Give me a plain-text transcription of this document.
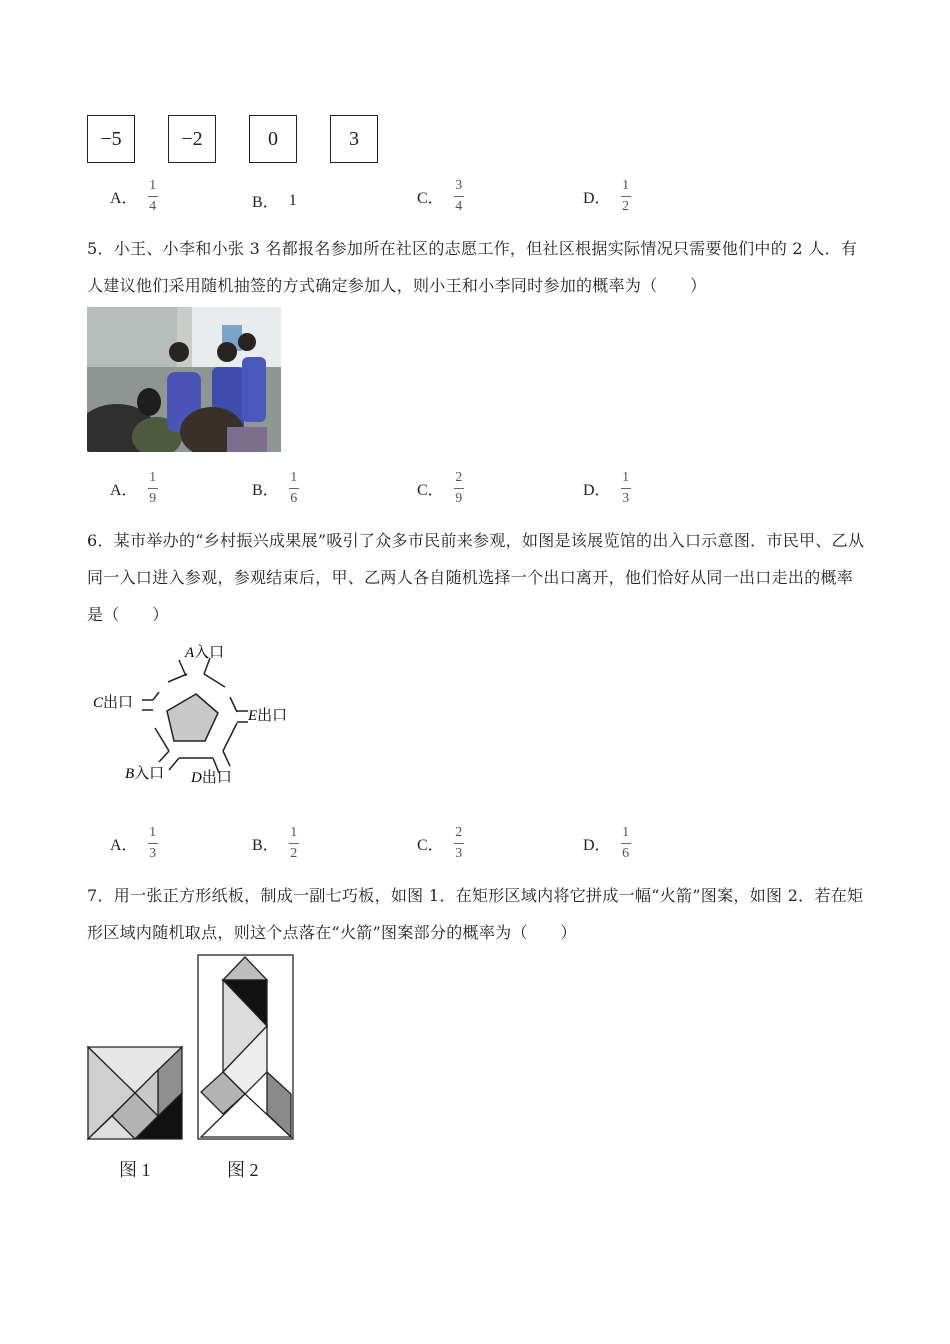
−5	−2	0	3
A． $\frac{1}{4}$	B． 1	C． $\frac{3}{4}$	D． $\frac{1}{2}$
5．小王、小李和小张 3 名都报名参加所在社区的志愿工作，但社区根据实际情况只需要他们中的 2 人．有人建议他们采用随机抽签的方式确定参加人，则小王和小李同时参加的概率为（　　）
A． $\frac{1}{9}$	B． $\frac{1}{6}$	C． $\frac{2}{9}$	D． $\frac{1}{3}$
6．某市举办的“乡村振兴成果展”吸引了众多市民前来参观，如图是该展览馆的出入口示意图．市民甲、乙从同一入口进入参观，参观结束后，甲、乙两人各自随机选择一个出口离开，他们恰好从同一出口走出的概率是（　　）
A入口
C出口
E出口
B入口 D出口
A． $\frac{1}{3}$	B． $\frac{1}{2}$	C． $\frac{2}{3}$	D． $\frac{1}{6}$
7．用一张正方形纸板，制成一副七巧板，如图 1．在矩形区域内将它拼成一幅“火箭”图案，如图 2．若在矩形区域内随机取点，则这个点落在“火箭”图案部分的概率为（　　）
图 1	图 2
